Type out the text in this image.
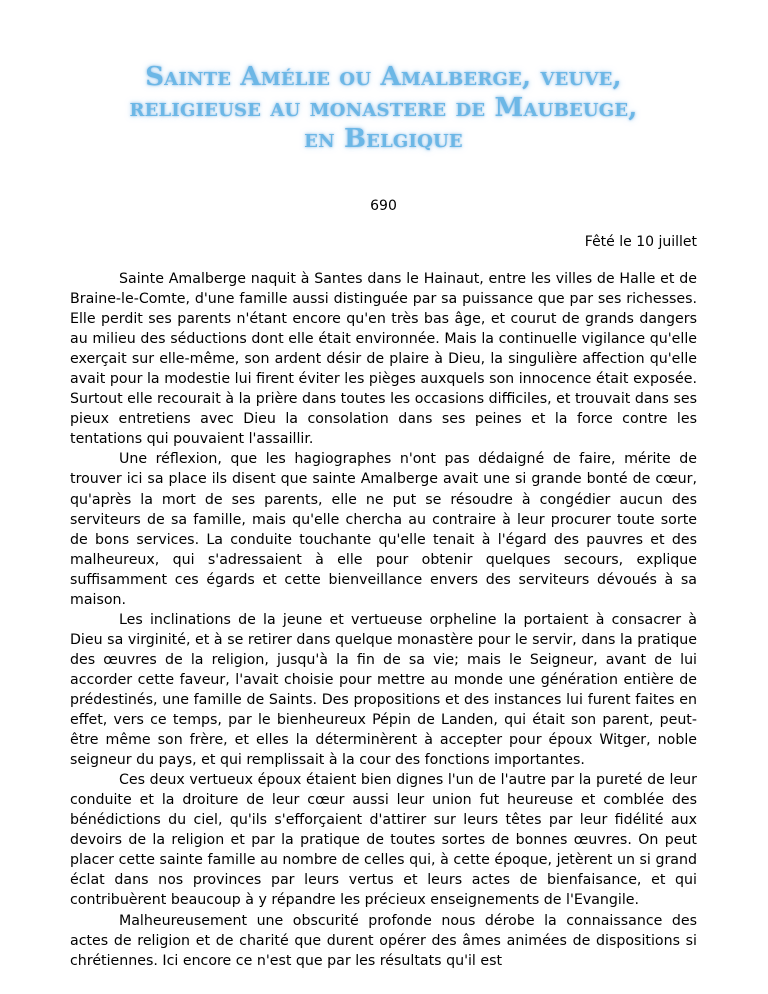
Sainte Amélie ou Amalberge, veuve,
religieuse au monastere de Maubeuge,
en Belgique

690

Fêté le 10 juillet

Sainte Amalberge naquit à Santes dans le Hainaut, entre les villes de Halle et de Braine-le-Comte, d'une famille aussi distinguée par sa puissance que par ses richesses. Elle perdit ses parents n'étant encore qu'en très bas âge, et courut de grands dangers au milieu des séductions dont elle était environnée. Mais la continuelle vigilance qu'elle exerçait sur elle-même, son ardent désir de plaire à Dieu, la singulière affection qu'elle avait pour la modestie lui firent éviter les pièges auxquels son innocence était exposée. Surtout elle recourait à la prière dans toutes les occasions difficiles, et trouvait dans ses pieux entretiens avec Dieu la consolation dans ses peines et la force contre les tentations qui pouvaient l'assaillir.

Une réflexion, que les hagiographes n'ont pas dédaigné de faire, mérite de trouver ici sa place ils disent que sainte Amalberge avait une si grande bonté de cœur, qu'après la mort de ses parents, elle ne put se résoudre à congédier aucun des serviteurs de sa famille, mais qu'elle chercha au contraire à leur procurer toute sorte de bons services. La conduite touchante qu'elle tenait à l'égard des pauvres et des malheureux, qui s'adressaient à elle pour obtenir quelques secours, explique suffisamment ces égards et cette bienveillance envers des serviteurs dévoués à sa maison.

Les inclinations de la jeune et vertueuse orpheline la portaient à consacrer à Dieu sa virginité, et à se retirer dans quelque monastère pour le servir, dans la pratique des œuvres de la religion, jusqu'à la fin de sa vie; mais le Seigneur, avant de lui accorder cette faveur, l'avait choisie pour mettre au monde une génération entière de prédestinés, une famille de Saints. Des propositions et des instances lui furent faites en effet, vers ce temps, par le bienheureux Pépin de Landen, qui était son parent, peut-être même son frère, et elles la déterminèrent à accepter pour époux Witger, noble seigneur du pays, et qui remplissait à la cour des fonctions importantes.

Ces deux vertueux époux étaient bien dignes l'un de l'autre par la pureté de leur conduite et la droiture de leur cœur aussi leur union fut heureuse et comblée des bénédictions du ciel, qu'ils s'efforçaient d'attirer sur leurs têtes par leur fidélité aux devoirs de la religion et par la pratique de toutes sortes de bonnes œuvres. On peut placer cette sainte famille au nombre de celles qui, à cette époque, jetèrent un si grand éclat dans nos provinces par leurs vertus et leurs actes de bienfaisance, et qui contribuèrent beaucoup à y répandre les précieux enseignements de l'Evangile.

Malheureusement une obscurité profonde nous dérobe la connaissance des actes de religion et de charité que durent opérer des âmes animées de dispositions si chrétiennes. Ici encore ce n'est que par les résultats qu'il est
